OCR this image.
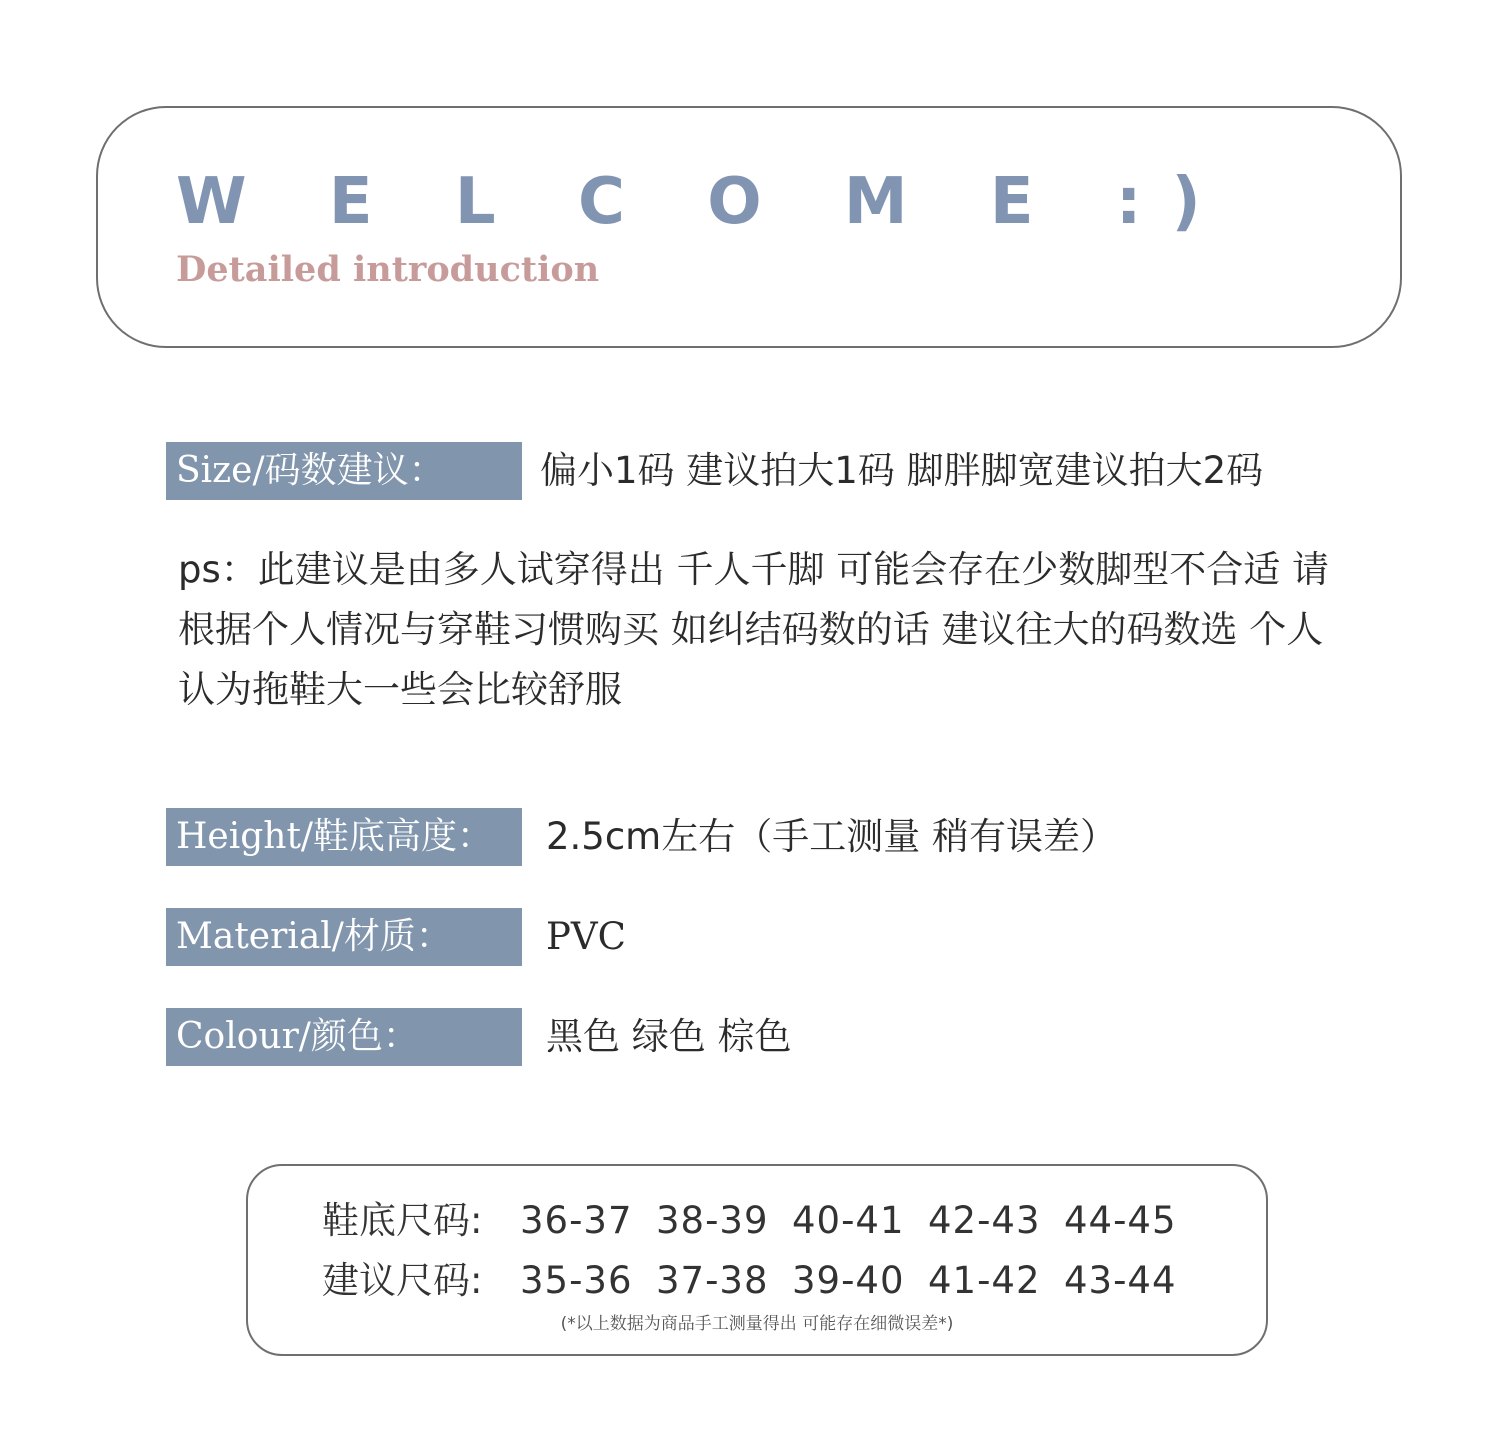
W E L C O M E :)
Detailed introduction
Size/码数建议：	偏小1码 建议拍大1码 脚胖脚宽建议拍大2码
ps：此建议是由多人试穿得出 千人千脚 可能会存在少数脚型不合适 请根据个人情况与穿鞋习惯购买 如纠结码数的话 建议往大的码数选 个人认为拖鞋大一些会比较舒服
Height/鞋底高度：	2.5cm左右（手工测量 稍有误差）
Material/材质：	PVC
Colour/颜色：	黑色 绿色 棕色
鞋底尺码: 36-37 38-39 40-41 42-43 44-45
建议尺码: 35-36 37-38 39-40 41-42 43-44
(*以上数据为商品手工测量得出 可能存在细微误差*)
